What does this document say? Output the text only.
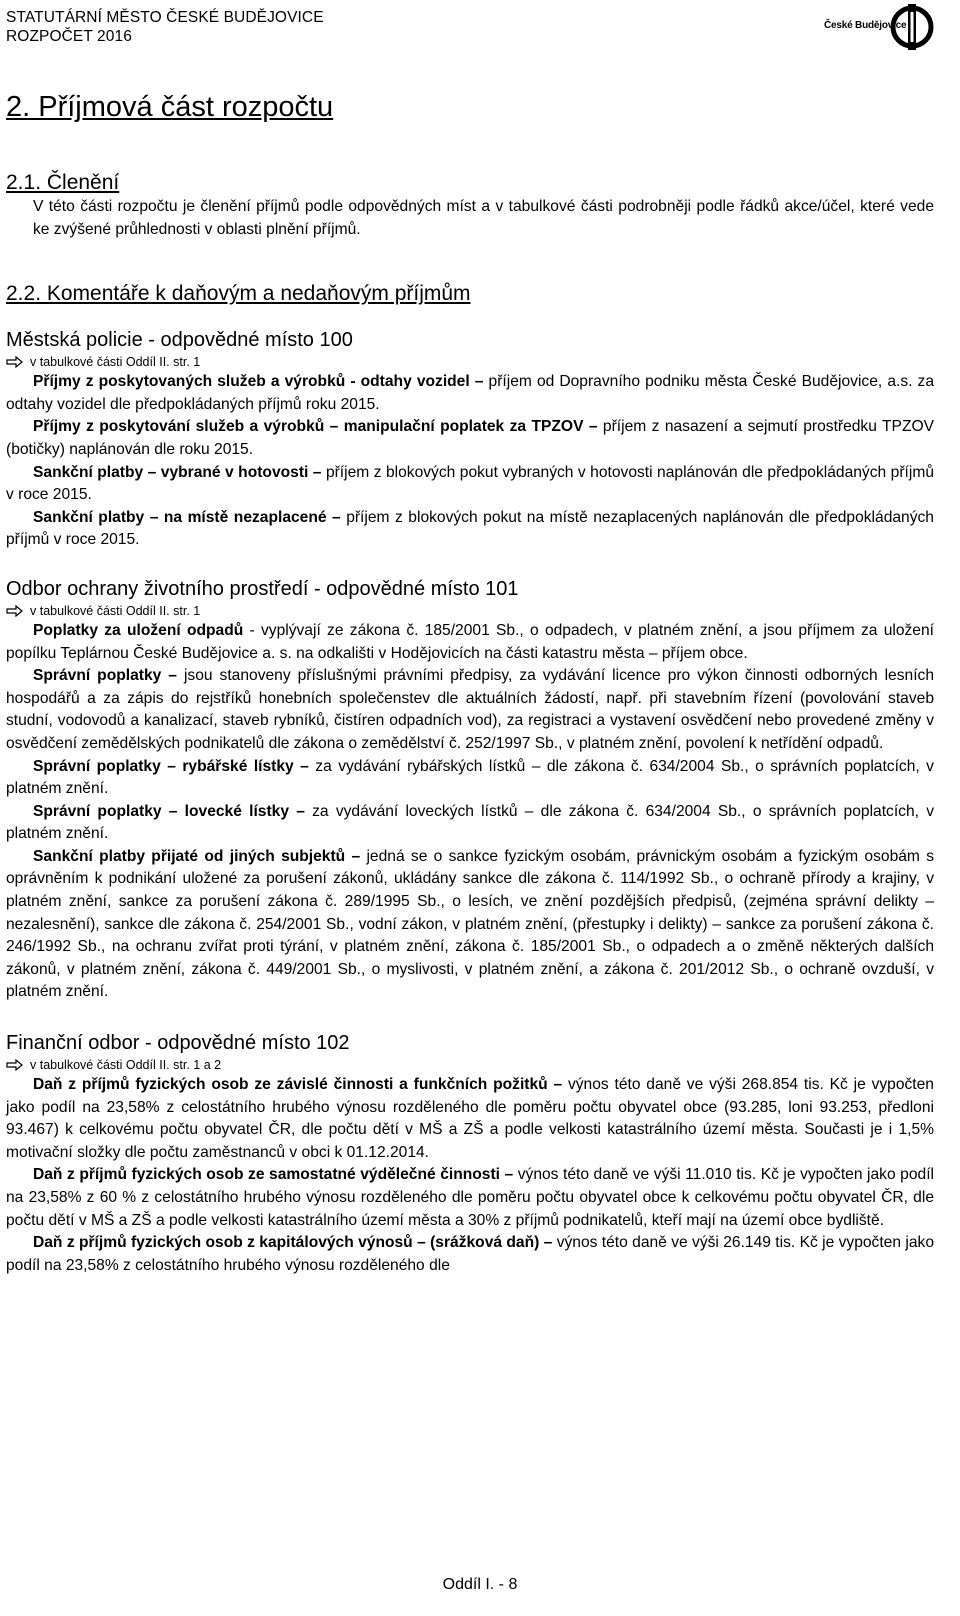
STATUTÁRNÍ MĚSTO ČESKÉ BUDĚJOVICE
ROZPOČET 2016
České Budějovice
2. Příjmová část rozpočtu
2.1. Členění

V této části rozpočtu je členění příjmů podle odpovědných míst a v tabulkové části podrobněji podle řádků akce/účel, které vede ke zvýšené průhlednosti v oblasti plnění příjmů.

2.2. Komentáře k daňovým a nedaňovým příjmům
Městská policie - odpovědné místo 100
v tabulkové části Oddíl II. str. 1

Příjmy z poskytovaných služeb a výrobků - odtahy vozidel – příjem od Dopravního podniku města České Budějovice, a.s. za odtahy vozidel dle předpokládaných příjmů roku 2015.

Příjmy z poskytování služeb a výrobků – manipulační poplatek za TPZOV – příjem z nasazení a sejmutí prostředku TPZOV (botičky) naplánován dle roku 2015.

Sankční platby – vybrané v hotovosti – příjem z blokových pokut vybraných v hotovosti naplánován dle předpokládaných příjmů v roce 2015.

Sankční platby – na místě nezaplacené – příjem z blokových pokut na místě nezaplacených naplánován dle předpokládaných příjmů v roce 2015.

Odbor ochrany životního prostředí - odpovědné místo 101
v tabulkové části Oddíl II. str. 1

Poplatky za uložení odpadů - vyplývají ze zákona č. 185/2001 Sb., o odpadech, v platném znění, a jsou příjmem za uložení popílku Teplárnou České Budějovice a. s. na odkališti v Hodějovicích na části katastru města – příjem obce.

Správní poplatky – jsou stanoveny příslušnými právními předpisy, za vydávání licence pro výkon činnosti odborných lesních hospodářů a za zápis do rejstříků honebních společenstev dle aktuálních žádostí, např. při stavebním řízení (povolování staveb studní, vodovodů a kanalizací, staveb rybníků, čistíren odpadních vod), za registraci a vystavení osvědčení nebo provedené změny v osvědčení zemědělských podnikatelů dle zákona o zemědělství č. 252/1997 Sb., v platném znění, povolení k netřídění odpadů.

Správní poplatky – rybářské lístky – za vydávání rybářských lístků – dle zákona č. 634/2004 Sb., o správních poplatcích, v platném znění.

Správní poplatky – lovecké lístky – za vydávání loveckých lístků – dle zákona č. 634/2004 Sb., o správních poplatcích, v platném znění.

Sankční platby přijaté od jiných subjektů – jedná se o sankce fyzickým osobám, právnickým osobám a fyzickým osobám s oprávněním k podnikání uložené za porušení zákonů, ukládány sankce dle zákona č. 114/1992 Sb., o ochraně přírody a krajiny, v platném znění, sankce za porušení zákona č. 289/1995 Sb., o lesích, ve znění pozdějších předpisů, (zejména správní delikty – nezalesnění), sankce dle zákona č. 254/2001 Sb., vodní zákon, v platném znění, (přestupky i delikty) – sankce za porušení zákona č. 246/1992 Sb., na ochranu zvířat proti týrání, v platném znění, zákona č. 185/2001 Sb., o odpadech a o změně některých dalších zákonů, v platném znění, zákona č. 449/2001 Sb., o myslivosti, v platném znění, a zákona č. 201/2012 Sb., o ochraně ovzduší, v platném znění.

Finanční odbor - odpovědné místo 102
v tabulkové části Oddíl II. str. 1 a 2

Daň z příjmů fyzických osob ze závislé činnosti a funkčních požitků – výnos této daně ve výši 268.854 tis. Kč je vypočten jako podíl na 23,58% z celostátního hrubého výnosu rozděleného dle poměru počtu obyvatel obce (93.285, loni 93.253, předloni 93.467) k celkovému počtu obyvatel ČR, dle počtu dětí v MŠ a ZŠ a podle velkosti katastrálního území města. Současti je i 1,5% motivační složky dle počtu zaměstnanců v obci k 01.12.2014.

Daň z příjmů fyzických osob ze samostatné výdělečné činnosti – výnos této daně ve výši 11.010 tis. Kč je vypočten jako podíl na 23,58% z 60 % z celostátního hrubého výnosu rozděleného dle poměru počtu obyvatel obce k celkovému počtu obyvatel ČR, dle počtu dětí v MŠ a ZŠ a podle velkosti katastrálního území města a 30% z příjmů podnikatelů, kteří mají na území obce bydliště.

Daň z příjmů fyzických osob z kapitálových výnosů – (srážková daň) – výnos této daně ve výši 26.149 tis. Kč je vypočten jako podíl na 23,58% z celostátního hrubého výnosu rozděleného dle

Oddíl I. - 8
